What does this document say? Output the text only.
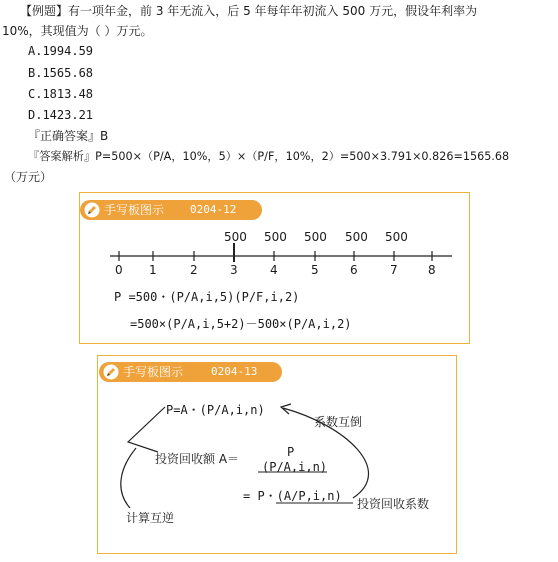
【例题】有一项年金，前 3 年无流入，后 5 年每年年初流入 500 万元，假设年利率为
10%，其现值为（ ）万元。
A.1994.59
B.1565.68
C.1813.48
D.1423.21
『正确答案』B
『答案解析』P=500×（P/A，10%，5）×（P/F，10%，2）=500×3.791×0.826=1565.68
（万元）
手写板图示 0204-12
0 1	2	3	4	5	6	7	8
500 500 500 500 500
P =500・(P/A,i,5)(P/F,i,2)
=500×(P/A,i,5+2)－500×(P/A,i,2)
手写板图示	0204-13
P=A・(P/A,i,n)
系数互倒
投资回收额 A＝	P
(P/A,i,n)
= P・(A/P,i,n)
投资回收系数
计算互逆
